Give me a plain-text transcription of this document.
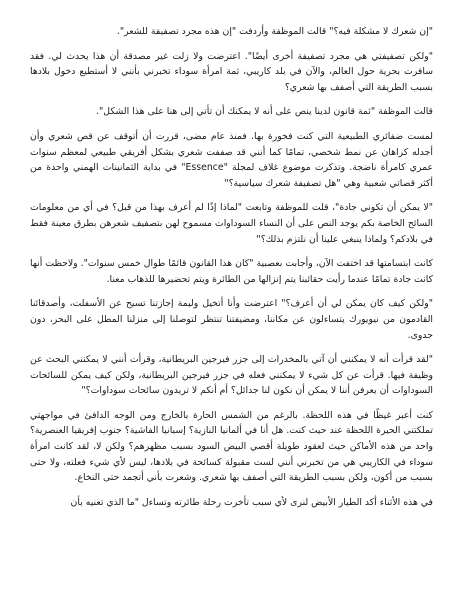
"إن شعرك لا مشكلة فيه؟" قالت الموظفة وأردفت "إن هذه مجرد تصفيفة للشعر".

"ولكن تصفيفتي هي مجرد تصفيفة أخرى أيضًا". اعترضت ولا زلت غير مصدقة أن هذا يحدث لي. فقد سافرت بحرية حول العالم، والآن في بلد كاريبي، ثمة امرأة سوداء تخبرني بأنني لا أستطيع دخول بلادها بسبب الطريقة التي أصفف بها شعري؟

قالت الموظفة "ثمة قانون لدينا ينص على أنه لا يمكنك أن تأتي إلى هنا على هذا الشكل".

لمست ضفائري الطبيعية التي كنت فخورة بها. فمنذ عام مضى، قررت أن أتوقف عن قص شعري وأن أجدله كراهان عن نمط شخصي، تمامًا كما أنني قد صففت شعري بشكل أفريقي طبيعي لمعظم سنوات عمري كامرأة ناضجة. وتذكرت موضوع غلاف لمجلة "Essence" في بداية الثمانينات الهمني واحدة من أكثر قصاتي شعبية وهي "هل تصفيفة شعرك سياسية؟"

"لا يمكن أن تكوني جادة"، قلت للموظفة وتابعت "لماذا إذًا لم أعرف بهذا من قبل؟ في أي من معلومات السائح الخاصة بكم يوجد النص على أن النساء السوداوات مسموح لهن بتصفيف شعرهن بطرق معينة فقط في بلادكم؟ ولماذا ينبغي علينا أن نلتزم بذلك؟"

كانت ابتسامتها قد اختفت الآن، وأجابت بعصبية "كان هذا القانون قائمًا طوال خمس سنوات". ولاحظت أنها كانت جادة تمامًا عندما رأيت حقائبنا يتم إنزالها من الطائرة ويتم تحضيرها للذهاب معنا.

"ولكن كيف كان يمكن لي أن أعرف؟" اعترضت وأنا أتخيل وليمة إجازتنا تسيح عن الأسفلت، وأصدقائنا القادمون من نيويورك يتساءلون عن مكاننا، ومضيفتنا تنتظر لتوصلنا إلى منزلنا المطل على البحر، دون جدوى.

"لقد قرأت أنه لا يمكنني أن آتي بالمخدرات إلى جزر فيرجين البريطانية، وقرأت أنني لا يمكنني البحث عن وظيفة فيها. قرأت عن كل شيء لا يمكنني فعله في جزر فيرجين البريطانية، ولكن كيف يمكن للسائحات السوداوات أن يعرفن أننا لا يمكن أن نكون لنا جدائل؟ أم أنكم لا تريدون سائحات سوداوات؟"

كنت أعبر غيظًا في هذه اللحظة. بالرغم من الشمس الحارة بالخارج ومن الوجه الدافئ في مواجهتي تملكتني الحيرة اللحظة عند حيث كنت. هل أنا في ألمانيا النازية؟ إسبانيا الفاشية؟ جنوب إفريقيا العنصرية؟ واحد من هذه الأماكن حيث لعقود طويلة أقصي البيض السود بسبب مظهرهم؟ ولكن لا، لقد كانت امرأة سوداء في الكاريبي هي من تخبرني أنني لست مقبولة كسائحة في بلادها، ليس لأي شيء فعلته، ولا حتى بسبب من أكون، ولكن بسبب الطريقة التي أصفف بها شعري. وشعرت بأني أتجمد حتى النخاع.

في هذه الأثناء أكد الطيار الأبيض لنرى لأي سبب تأخرت رحلة طائرته وتساءل "ما الذي تعنيه بأن
